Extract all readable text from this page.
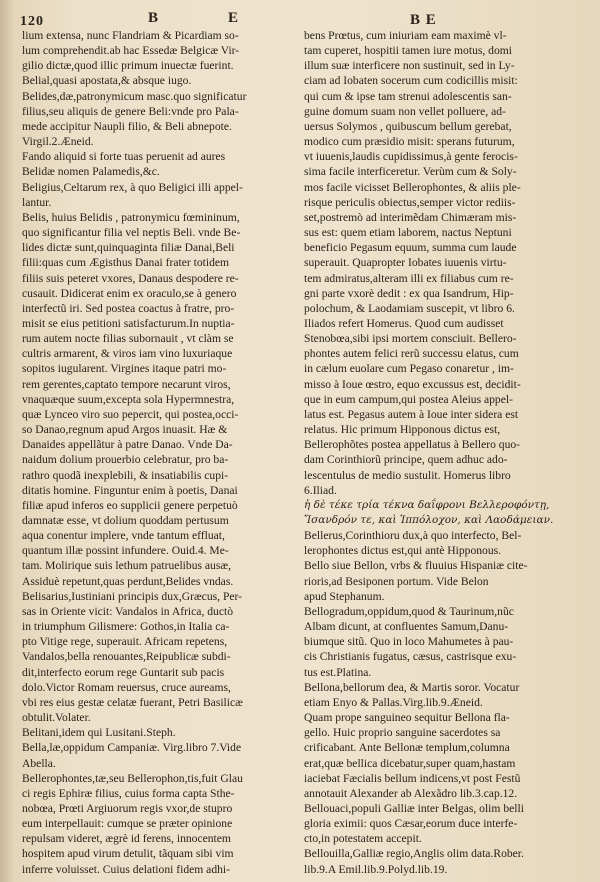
120	B	E	B E
lium extensa, nunc Flandriam & Picardiam so-
lum comprehendit.ab hac Essedæ Belgicæ Vir-
gilio dictæ,quod illic primum inuectæ fuerint.
Belial,quasi apostata,& absque iugo.
Belides,dæ,patronymicum masc.quo significatur
filius,seu aliquis de genere Beli:vnde pro Pala-
mede accipitur Naupli filio, & Beli abnepote.
Virgil.2.Æneid.
Fando aliquid si forte tuas peruenit ad aures
Belidæ nomen Palamedis,&c.
Beligius,Celtarum rex, à quo Beligici illi appel-
lantur.
Belis, huius Belidis , patronymicu fœmininum,
quo significantur filia vel neptis Beli. vnde Be-
lides dictæ sunt,quinquaginta filiæ Danai,Beli
filii:quas cum Ægisthus Danai frater totidem
filiis suis peteret vxores, Danaus despodere re-
cusauit. Didicerat enim ex oraculo,se à genero
interfectũ iri. Sed postea coactus à fratre, pro-
misit se eius petitioni satisfacturum.In nuptia-
rum autem nocte filias subornauit , vt clàm se
cultris armarent, & viros iam vino luxuriaque
sopitos iugularent. Virgines itaque patri mo-
rem gerentes,captato tempore necarunt viros,
vnaquæque suum,excepta sola Hypermnestra,
quæ Lynceo viro suo pepercit, qui postea,occi-
so Danao,regnum apud Argos inuasit. Hæ &
Danaides appellãtur à patre Danao. Vnde Da-
naidum dolium prouerbio celebratur, pro ba-
rathro quodã inexplebili, & insatiabilis cupi-
ditatis homine. Finguntur enim à poetis, Danai
filiæ apud inferos eo supplicii genere perpetuò
damnatæ esse, vt dolium quoddam pertusum
aqua conentur implere, vnde tantum effluat,
quantum illæ possint infundere. Ouid.4. Me-
tam. Molirique suis lethum patruelibus ausæ,
Assiduè repetunt,quas perdunt,Belides vndas.
Belisarius,Iustiniani principis dux,Græcus, Per-
sas in Oriente vicit: Vandalos in Africa, ductò
in triumphum Gilismere: Gothos,in Italia ca-
pto Vitige rege, superauit. Africam repetens,
Vandalos,bella renouantes,Reipublicæ subdi-
dit,interfecto eorum rege Guntarit sub pacis
dolo.Victor Romam reuersus, cruce aureams,
vbi res eius gestæ celatæ fuerant, Petri Basilicæ
obtulit.Volater.
Belitani,idem qui Lusitani.Steph.
Bella,læ,oppidum Campaniæ. Virg.libro 7.Vide
Abella.
Bellerophontes,tæ,seu Bellerophon,tis,fuit Glau
ci regis Ephiræ filius, cuius forma capta Sthe-
nobœa, Prœti Argiuorum regis vxor,de stupro
eum interpellauit: cumque se præter opinione
repulsam videret, ægrè id ferens, innocentem
hospitem apud virum detulit, tãquam sibi vim
inferre voluisset. Cuius delationi fidem adhi-
bens Prœtus, cum iniuriam eam maximè vl-
tam cuperet, hospitii tamen iure motus, domi
illum suæ interficere non sustinuit, sed in Ly-
ciam ad Iobaten socerum cum codicillis misit:
qui cum & ipse tam strenui adolescentis san-
guine domum suam non vellet polluere, ad-
uersus Solymos , quibuscum bellum gerebat,
modico cum præsidio misit: sperans futurum,
vt iuuenis,laudis cupidissimus,à gente ferocis-
sima facile interficeretur. Verùm cum & Soly-
mos facile vicisset Bellerophontes, & aliis ple-
risque periculis obiectus,semper victor rediis-
set,postremò ad interimẽdam Chimæram mis-
sus est: quem etiam laborem, nactus Neptuni
beneficio Pegasum equum, summa cum laude
superauit. Quapropter Iobates iuuenis virtu-
tem admiratus,alteram illi ex filiabus cum re-
gni parte vxorè dedit : ex qua Isandrum, Hip-
polochum, & Laodamiam suscepit, vt libro 6.
Iliados refert Homerus. Quod cum audisset
Stenobœa,sibi ipsi mortem consciuit. Bellero-
phontes autem felici rerũ successu elatus, cum
in cælum euolare cum Pegaso conaretur , im-
misso à Ioue œstro, equo excussus est, decidit-
que in eum campum,qui postea Aleius appel-
latus est. Pegasus autem à Ioue inter sidera est
relatus. Hic primum Hipponous dictus est,
Bellerophõtes postea appellatus à Bellero quo-
dam Corinthiorũ principe, quem adhuc ado-
lescentulus de medio sustulit. Homerus libro
6.Iliad.
ἡ δὲ τέκε τρία τέκνα δαΐφρονι Βελλεροφόντῃ,
Ἴσανδρόν τε, καὶ Ἱππόλοχον, καὶ Λαοδάμειαν.
Bellerus,Corinthioru dux,à quo interfecto, Bel-
lerophontes dictus est,qui antè Hipponous.
Bello siue Bellon, vrbs & fluuius Hispaniæ cite-
rioris,ad Besiponen portum. Vide Belon
apud Stephanum.
Bellogradum,oppidum,quod & Taurinum,nũc
Albam dicunt, at confluentes Samum,Danu-
biumque sitũ. Quo in loco Mahumetes à pau-
cis Christianis fugatus, cæsus, castrisque exu-
tus est.Platina.
Bellona,bellorum dea, & Martis soror. Vocatur
etiam Enyo & Pallas.Virg.lib.9.Æneid.
Quam prope sanguineo sequitur Bellona fla-
gello. Huic proprio sanguine sacerdotes sa
crificabant. Ante Bellonæ templum,columna
erat,quæ bellica dicebatur,super quam,hastam
iaciebat Fæcialis bellum indicens,vt post Festũ
annotauit Alexander ab Alexãdro lib.3.cap.12.
Bellouaci,populi Galliæ inter Belgas, olim belli
gloria eximii: quos Cæsar,eorum duce interfe-
cto,in potestatem accepit.
Bellouilla,Galliæ regio,Anglis olim data.Rober.
lib.9.A Emil.lib.9.Polyd.lib.19.
